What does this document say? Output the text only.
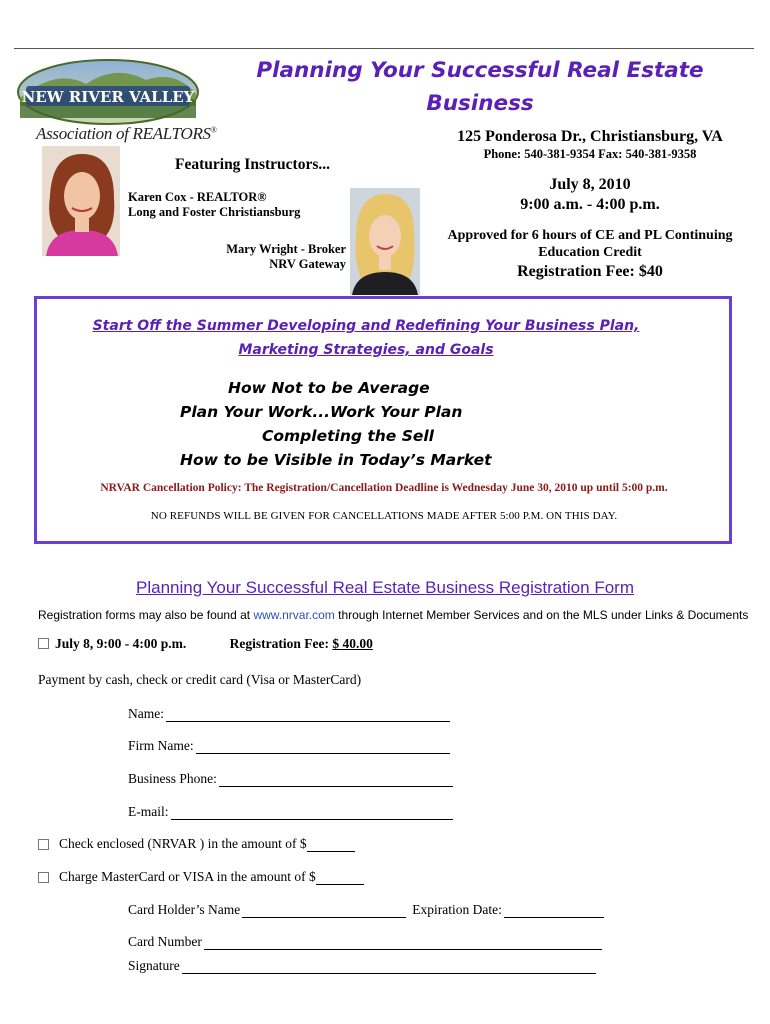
NEW RIVER VALLEY
Association of REALTORS®
Planning Your Successful Real Estate Business
125 Ponderosa Dr., Christiansburg, VA
Phone: 540-381-9354 Fax: 540-381-9358
July 8, 2010
9:00 a.m. - 4:00 p.m.
Approved for 6 hours of CE and PL Continuing Education Credit
Registration Fee: $40
Featuring Instructors...
Karen Cox - REALTOR®
Long and Foster Christiansburg
Mary Wright - Broker
NRV Gateway
Start Off the Summer Developing and Redefining Your Business Plan,
Marketing Strategies, and Goals
How Not to be Average
Plan Your Work...Work Your Plan
Completing the Sell
How to be Visible in Today’s Market
NRVAR Cancellation Policy: The Registration/Cancellation Deadline is Wednesday June 30, 2010 up until 5:00 p.m.
NO REFUNDS WILL BE GIVEN FOR CANCELLATIONS MADE AFTER 5:00 P.M. ON THIS DAY.
Planning Your Successful Real Estate Business Registration Form
Registration forms may also be found at www.nrvar.com through Internet Member Services and on the MLS under Links & Documents
July 8, 9:00 - 4:00 p.m.	Registration Fee: $ 40.00
Payment by cash, check or credit card (Visa or MasterCard)
Name:
Firm Name:
Business Phone:
E-mail:
Check enclosed (NRVAR ) in the amount of $
Charge MasterCard or VISA in the amount of $
Card Holder’s Name	Expiration Date:
Card Number
Signature
